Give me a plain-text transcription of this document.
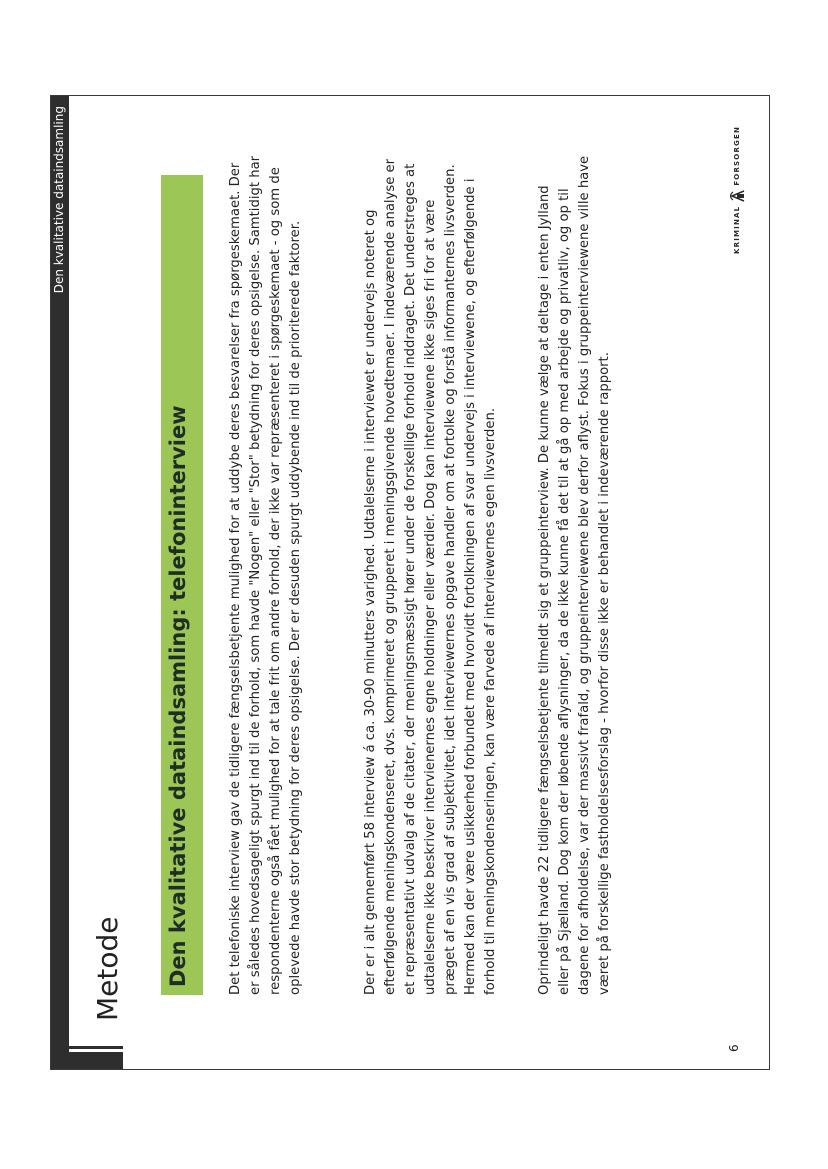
Den kvalitative dataindsamling
Metode Den kvalitative dataindsamling: telefoninterview	Det telefoniske interview gav de tidligere fængselsbetjente mulighed for at uddybe deres besvarelser fra spørgeskemaet. Der er således hovedsageligt spurgt ind til de forhold, som havde "Nogen" eller "Stor" betydning for deres opsigelse. Samtidigt har respondenterne også fået mulighed for at tale frit om andre forhold, der ikke var repræsenteret i spørgeskemaet - og som de oplevede havde stor betydning for deres opsigelse. Der er desuden spurgt uddybende ind til de prioriterede faktorer.	Der er i alt gennemført 58 interview á ca. 30-90 minutters varighed. Udtalelserne i interviewet er undervejs noteret og efterfølgende meningskondenseret, dvs. komprimeret og grupperet i meningsgivende hovedtemaer. I indeværende analyse er et repræsentativt udvalg af de citater, der meningsmæssigt hører under de forskellige forhold inddraget. Det understreges at udtalelserne ikke beskriver intervienernes egne holdninger eller værdier. Dog kan interviewene ikke siges fri for at være præget af en vis grad af subjektivitet, idet interviewernes opgave handler om at fortolke og forstå informanternes livsverden. Hermed kan der være usikkerhed forbundet med hvorvidt fortolkningen af svar undervejs i interviewene, og efterfølgende i forhold til meningskondenseringen, kan være farvede af interviewernes egen livsverden.	Oprindeligt havde 22 tidligere fængselsbetjente tilmeldt sig et gruppeinterview. De kunne vælge at deltage i enten Jylland eller på Sjælland. Dog kom der løbende aflysninger, da de ikke kunne få det til at gå op med arbejde og privatliv, og op til dagene for afholdelse, var der massivt frafald, og gruppeinterviewene blev derfor aflyst. Fokus i gruppeinterviewene ville have været på forskellige fastholdelsesforslag - hvorfor disse ikke er behandlet i indeværende rapport.
6
KRIMINAL
FORSORGEN
